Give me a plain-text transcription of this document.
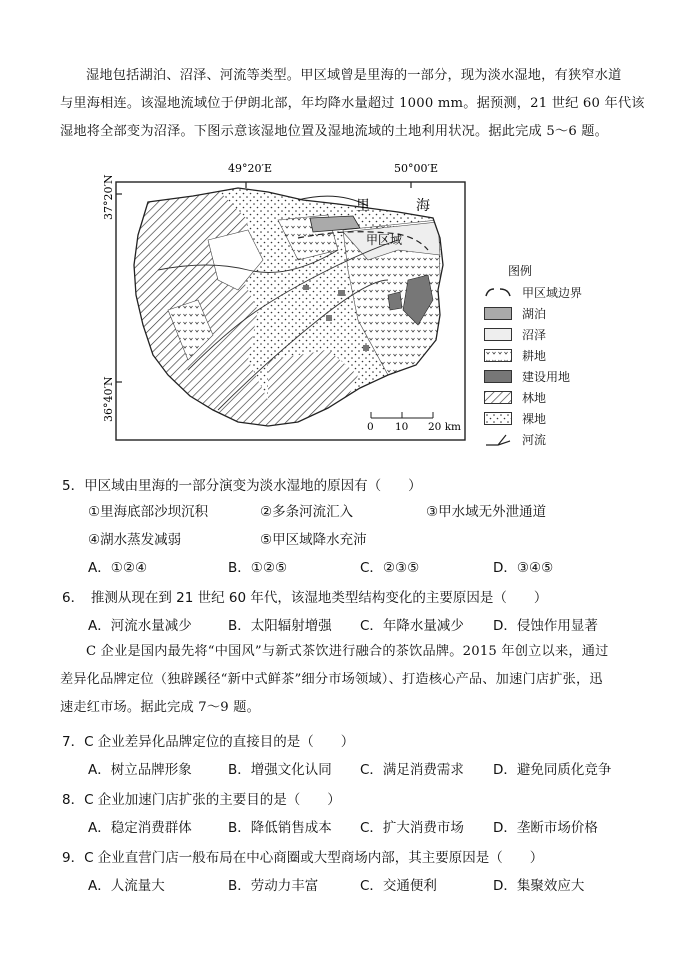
湿地包括湖泊、沼泽、河流等类型。甲区域曾是里海的一部分，现为淡水湿地，有狭窄水道

与里海相连。该湿地流域位于伊朗北部，年均降水量超过 1000 mm。据预测，21 世纪 60 年代该

湿地将全部变为沼泽。下图示意该湿地位置及湿地流域的土地利用状况。据此完成 5～6 题。

49°20′E	50°00′E
37°20′N
36°40′N
里	海
甲区域
0 10 20 km
图例
甲区域边界
湖泊
沼泽
耕地
建设用地
林地
裸地
河流
5．甲区域由里海的一部分演变为淡水湿地的原因有（　　）
①里海底部沙坝沉积	②多条河流汇入	③甲水域无外泄通道
④湖水蒸发减弱	⑤甲区域降水充沛
A．①②④	B．①②⑤	C．②③⑤	D．③④⑤
6．　推测从现在到 21 世纪 60 年代，该湿地类型结构变化的主要原因是（　　）
A．河流水量减少	B．太阳辐射增强 C．年降水量减少 D．侵蚀作用显著

C 企业是国内最先将“中国风”与新式茶饮进行融合的茶饮品牌。2015 年创立以来，通过

差异化品牌定位（独辟蹊径“新中式鲜茶”细分市场领域）、打造核心产品、加速门店扩张，迅

速走红市场。据此完成 7～9 题。

7．C 企业差异化品牌定位的直接目的是（　　）
A．树立品牌形象	B．增强文化认同 C．满足消费需求 D．避免同质化竞争
8．C 企业加速门店扩张的主要目的是（　　）
A．稳定消费群体	B．降低销售成本 C．扩大消费市场 D．垄断市场价格
9．C 企业直营门店一般布局在中心商圈或大型商场内部，其主要原因是（　　）
A．人流量大	B．劳动力丰富	C．交通便利	D．集聚效应大
